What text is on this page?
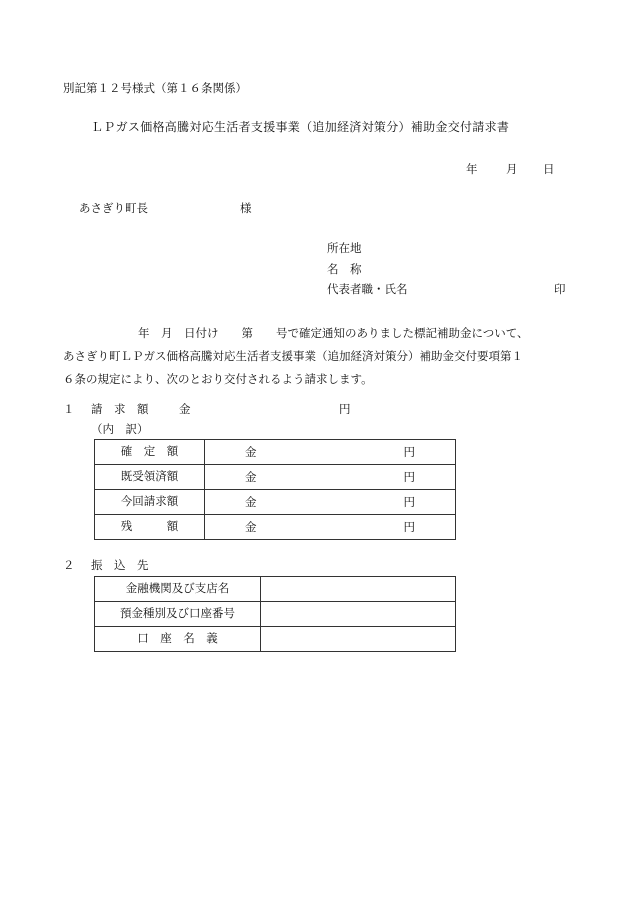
別記第１２号様式（第１６条関係）
ＬＰガス価格高騰対応生活者支援事業（追加経済対策分）補助金交付請求書
年 月 日
あさぎり町長	様
所在地
名　称
代表者職・氏名	印

年　月　日付け　　第　　号で確定通知のありました標記補助金について、

あさぎり町ＬＰガス価格高騰対応生活者支援事業（追加経済対策分）補助金交付要項第１

６条の規定により、次のとおり交付されるよう請求します。

１ 請　求　額	金	円
（内　訳）
確　定　額	金 円

既受領済額	金 円

今回請求額	金 円

残　　　額	金 円
２ 振　込　先
金融機関及び支店名	
預金種別及び口座番号	
口　座　名　義	
